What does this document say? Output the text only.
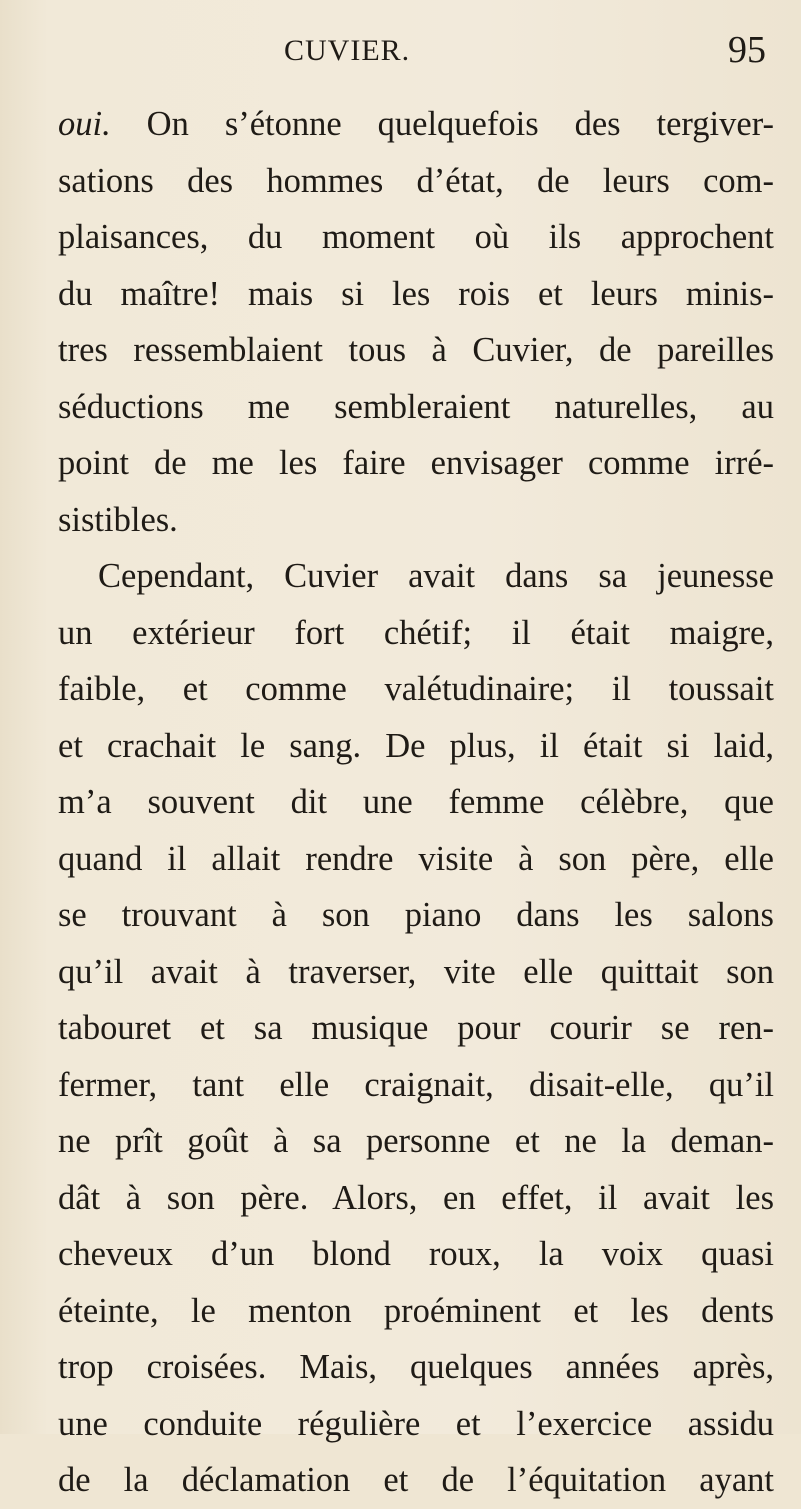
CUVIER.	95
oui. On s’étonne quelquefois des tergiver-
sations des hommes d’état, de leurs com-
plaisances, du moment où ils approchent
du maître! mais si les rois et leurs minis-
tres ressemblaient tous à Cuvier, de pareilles
séductions me sembleraient naturelles, au
point de me les faire envisager comme irré-
sistibles.
Cependant, Cuvier avait dans sa jeunesse
un extérieur fort chétif; il était maigre,
faible, et comme valétudinaire; il toussait
et crachait le sang. De plus, il était si laid,
m’a souvent dit une femme célèbre, que
quand il allait rendre visite à son père, elle
se trouvant à son piano dans les salons
qu’il avait à traverser, vite elle quittait son
tabouret et sa musique pour courir se ren-
fermer, tant elle craignait, disait-elle, qu’il
ne prît goût à sa personne et ne la deman-
dât à son père. Alors, en effet, il avait les
cheveux d’un blond roux, la voix quasi
éteinte, le menton proéminent et les dents
trop croisées. Mais, quelques années après,
une conduite régulière et l’exercice assidu
de la déclamation et de l’équitation ayant
